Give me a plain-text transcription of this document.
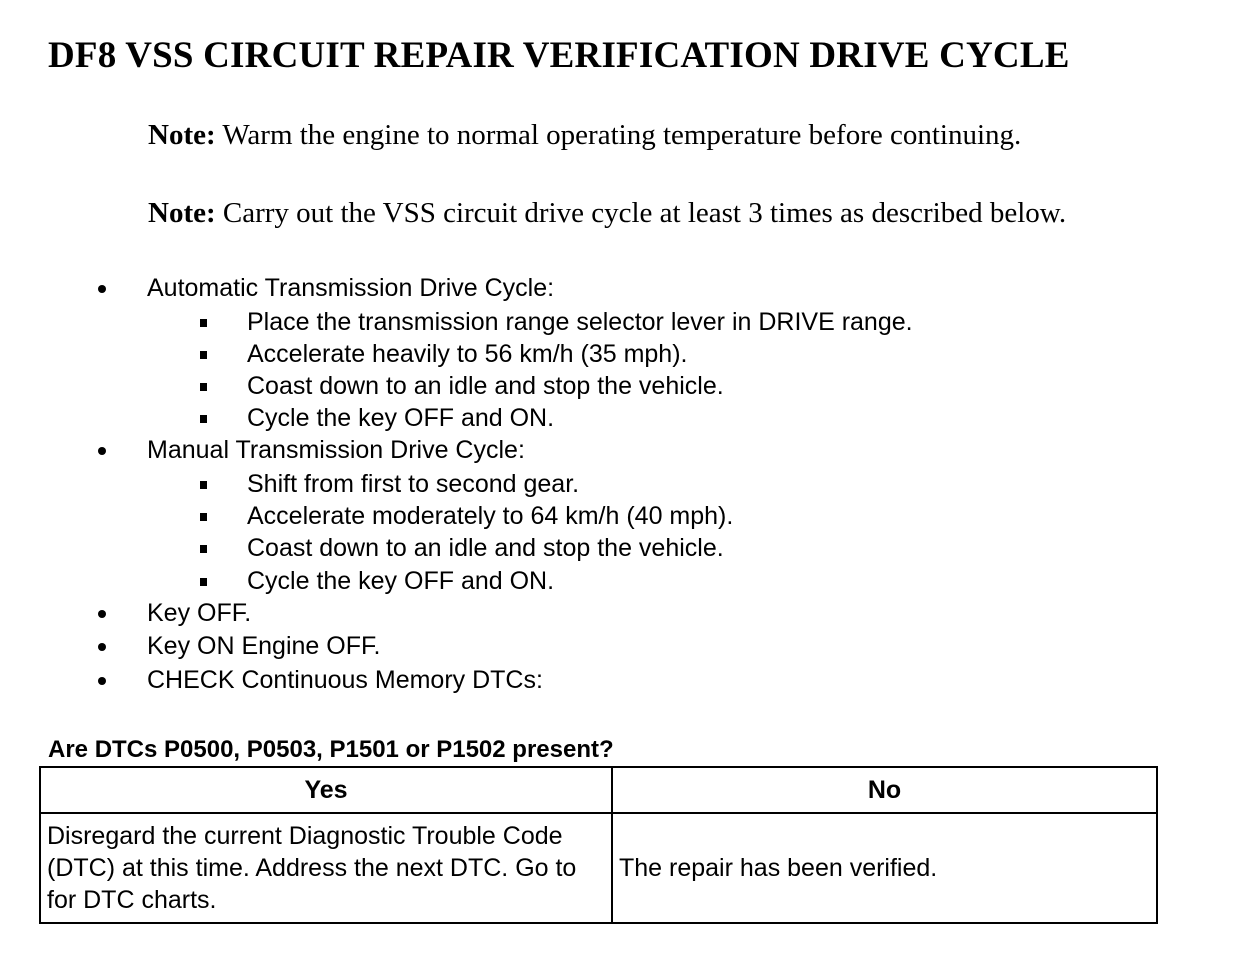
DF8 VSS CIRCUIT REPAIR VERIFICATION DRIVE CYCLE
Note: Warm the engine to normal operating temperature before continuing.
Note: Carry out the VSS circuit drive cycle at least 3 times as described below.
Automatic Transmission Drive Cycle:
Place the transmission range selector lever in DRIVE range.
Accelerate heavily to 56 km/h (35 mph).
Coast down to an idle and stop the vehicle.
Cycle the key OFF and ON.
Manual Transmission Drive Cycle:
Shift from first to second gear.
Accelerate moderately to 64 km/h (40 mph).
Coast down to an idle and stop the vehicle.
Cycle the key OFF and ON.
Key OFF.
Key ON Engine OFF.
CHECK Continuous Memory DTCs:
Are DTCs P0500, P0503, P1501 or P1502 present?
Yes	No
Disregard the current Diagnostic Trouble Code (DTC) at this time. Address the next DTC. Go to for DTC charts.	The repair has been verified.
